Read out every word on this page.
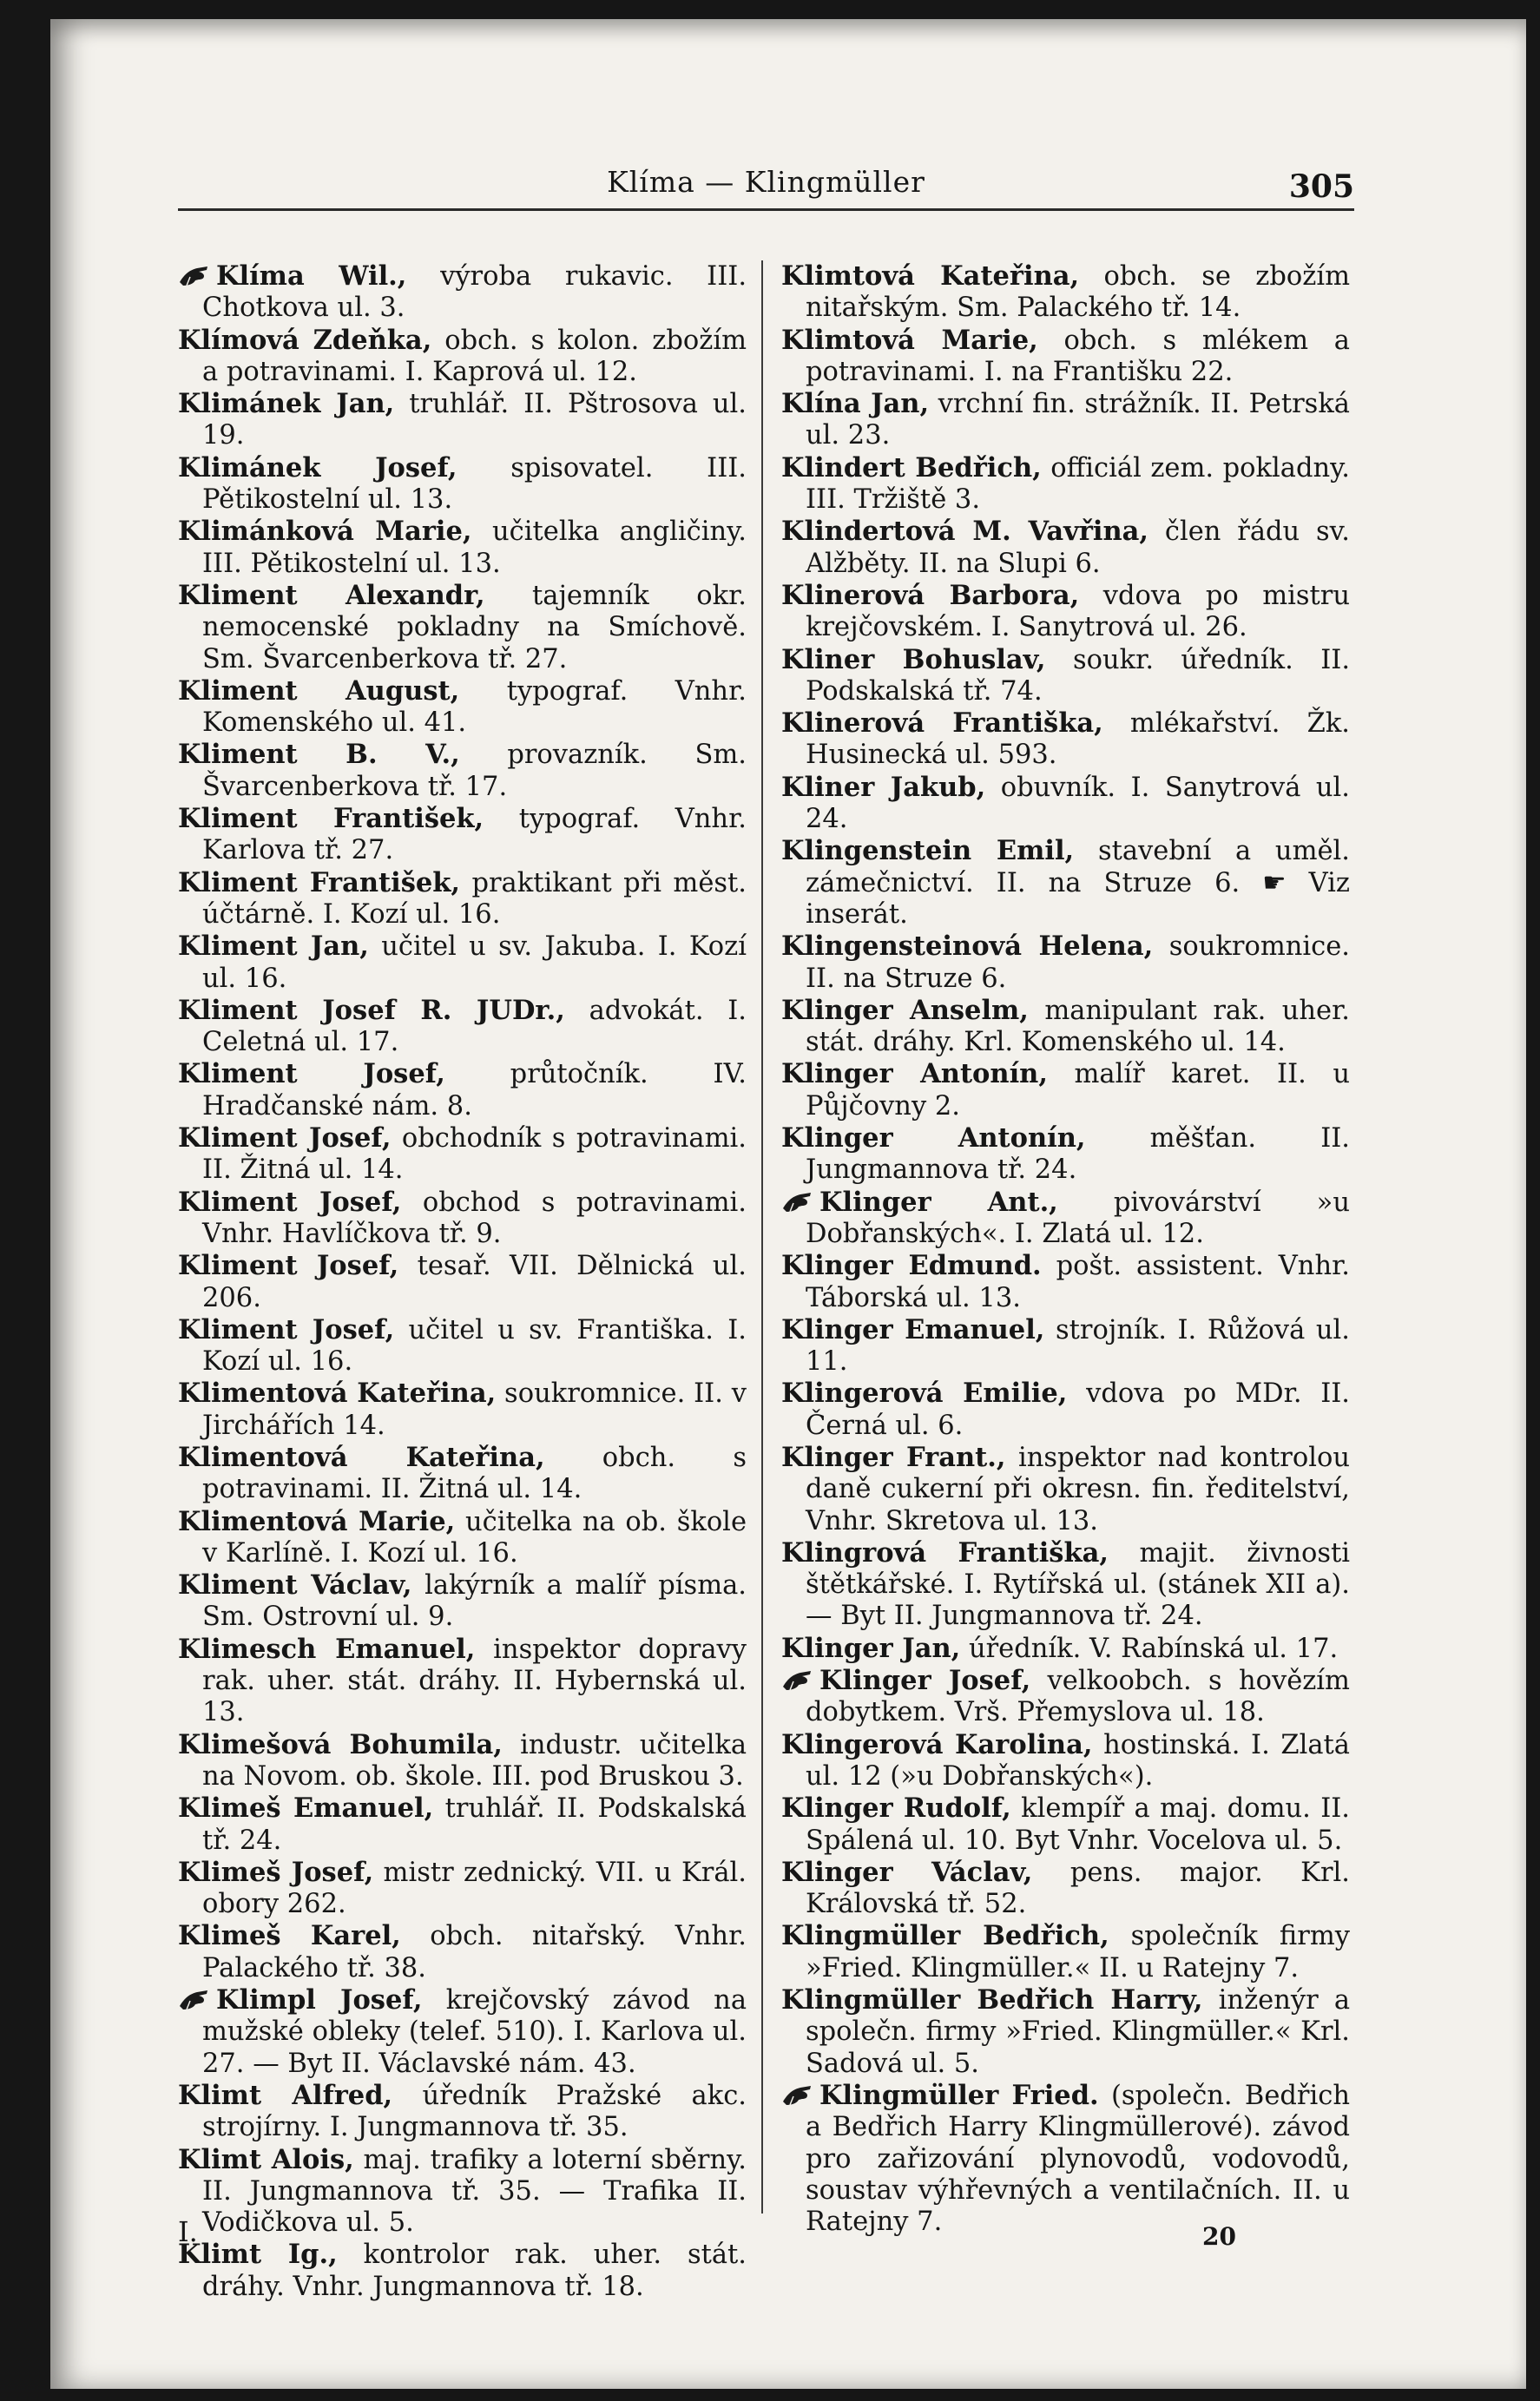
Klíma — Klingmüller	305

Klíma Wil., výroba rukavic. III. Chotkova ul. 3.

Klímová Zdeňka, obch. s kolon. zbožím a potravinami. I. Kaprová ul. 12.

Klimánek Jan, truhlář. II. Pštrosova ul. 19.

Klimánek Josef, spisovatel. III. Pětikostelní ul. 13.

Klimánková Marie, učitelka angličiny. III. Pětikostelní ul. 13.

Kliment Alexandr, tajemník okr. nemocenské pokladny na Smíchově. Sm. Švarcenberkova tř. 27.

Kliment August, typograf. Vnhr. Komenského ul. 41.

Kliment B. V., provazník. Sm. Švarcenberkova tř. 17.

Kliment František, typograf. Vnhr. Karlova tř. 27.

Kliment František, praktikant při měst. účtárně. I. Kozí ul. 16.

Kliment Jan, učitel u sv. Jakuba. I. Kozí ul. 16.

Kliment Josef R. JUDr., advokát. I. Celetná ul. 17.

Kliment Josef, průtočník. IV. Hradčanské nám. 8.

Kliment Josef, obchodník s potravinami. II. Žitná ul. 14.

Kliment Josef, obchod s potravinami. Vnhr. Havlíčkova tř. 9.

Kliment Josef, tesař. VII. Dělnická ul. 206.

Kliment Josef, učitel u sv. Františka. I. Kozí ul. 16.

Klimentová Kateřina, soukromnice. II. v Jirchářích 14.

Klimentová Kateřina, obch. s potravinami. II. Žitná ul. 14.

Klimentová Marie, učitelka na ob. škole v Karlíně. I. Kozí ul. 16.

Kliment Václav, lakýrník a malíř písma. Sm. Ostrovní ul. 9.

Klimesch Emanuel, inspektor dopravy rak. uher. stát. dráhy. II. Hybernská ul. 13.

Klimešová Bohumila, industr. učitelka na Novom. ob. škole. III. pod Bruskou 3.

Klimeš Emanuel, truhlář. II. Podskalská tř. 24.

Klimeš Josef, mistr zednický. VII. u Král. obory 262.

Klimeš Karel, obch. nitařský. Vnhr. Palackého tř. 38.

Klimpl Josef, krejčovský závod na mužské obleky (telef. 510). I. Karlova ul. 27. — Byt II. Václavské nám. 43.

Klimt Alfred, úředník Pražské akc. strojírny. I. Jungmannova tř. 35.

Klimt Alois, maj. trafiky a loterní sběrny. II. Jungmannova tř. 35. — Trafika II. Vodičkova ul. 5.

Klimt Ig., kontrolor rak. uher. stát. dráhy. Vnhr. Jungmannova tř. 18.

Klimtová Kateřina, obch. se zbožím nitařským. Sm. Palackého tř. 14.

Klimtová Marie, obch. s mlékem a potravinami. I. na Františku 22.

Klína Jan, vrchní fin. strážník. II. Petrská ul. 23.

Klindert Bedřich, officiál zem. pokladny. III. Tržiště 3.

Klindertová M. Vavřina, člen řádu sv. Alžběty. II. na Slupi 6.

Klinerová Barbora, vdova po mistru krejčovském. I. Sanytrová ul. 26.

Kliner Bohuslav, soukr. úředník. II. Podskalská tř. 74.

Klinerová Františka, mlékařství. Žk. Husinecká ul. 593.

Kliner Jakub, obuvník. I. Sanytrová ul. 24.

Klingenstein Emil, stavební a uměl. zámečnictví. II. na Struze 6. ☛ Viz inserát.

Klingensteinová Helena, soukromnice. II. na Struze 6.

Klinger Anselm, manipulant rak. uher. stát. dráhy. Krl. Komenského ul. 14.

Klinger Antonín, malíř karet. II. u Půjčovny 2.

Klinger Antonín, měšťan. II. Jungmannova tř. 24.

Klinger Ant., pivovárství »u Dobřanských«. I. Zlatá ul. 12.

Klinger Edmund. pošt. assistent. Vnhr. Táborská ul. 13.

Klinger Emanuel, strojník. I. Růžová ul. 11.

Klingerová Emilie, vdova po MDr. II. Černá ul. 6.

Klinger Frant., inspektor nad kontrolou daně cukerní při okresn. fin. ředitelství, Vnhr. Skretova ul. 13.

Klingrová Františka, majit. živnosti štětkářské. I. Rytířská ul. (stánek XII a). — Byt II. Jungmannova tř. 24.

Klinger Jan, úředník. V. Rabínská ul. 17.

Klinger Josef, velkoobch. s hovězím dobytkem. Vrš. Přemyslova ul. 18.

Klingerová Karolina, hostinská. I. Zlatá ul. 12 (»u Dobřanských«).

Klinger Rudolf, klempíř a maj. domu. II. Spálená ul. 10. Byt Vnhr. Vocelova ul. 5.

Klinger Václav, pens. major. Krl. Královská tř. 52.

Klingmüller Bedřich, společník firmy »Fried. Klingmüller.« II. u Ratejny 7.

Klingmüller Bedřich Harry, inženýr a společn. firmy »Fried. Klingmüller.« Krl. Sadová ul. 5.

Klingmüller Fried. (společn. Bedřich a Bedřich Harry Klingmüllerové). závod pro zařizování plynovodů, vodovodů, soustav výhřevných a ventilačních. II. u Ratejny 7.

I.	20
